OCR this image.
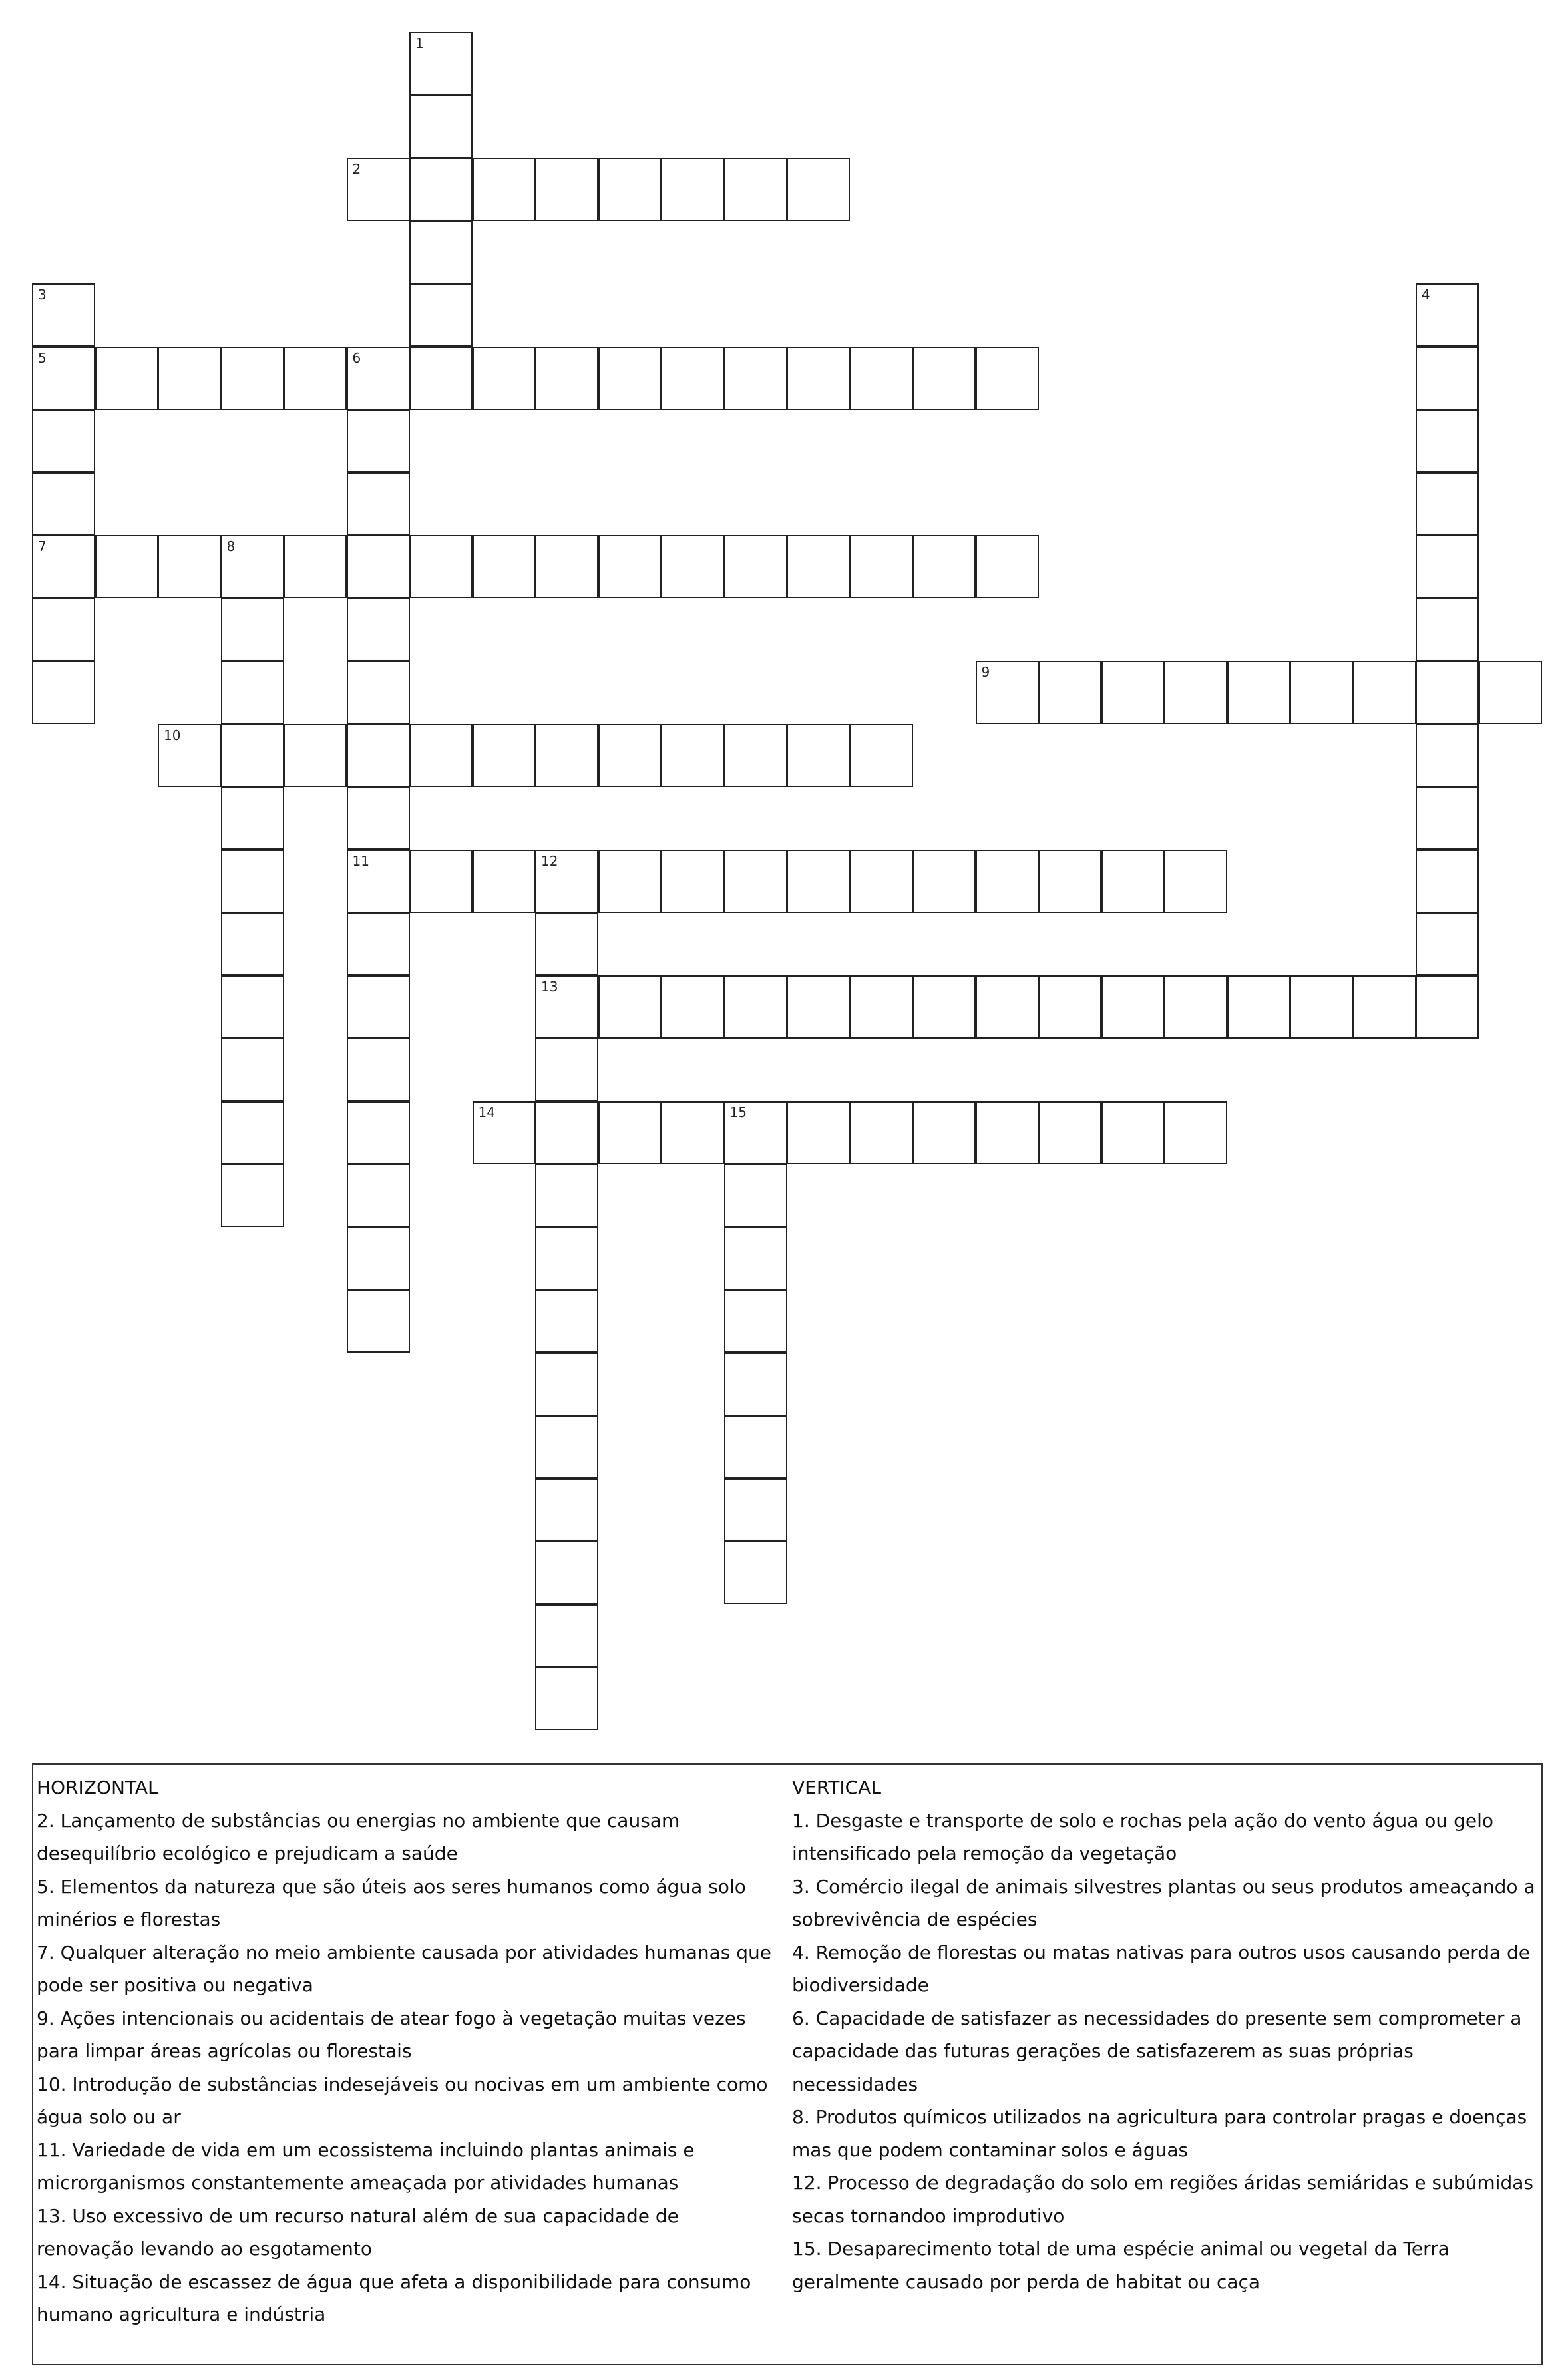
1
2
3	4
5	6
7	8
9
10
11	12
13
14	15

HORIZONTAL

2. Lançamento de substâncias ou energias no ambiente que causam desequilíbrio ecológico e prejudicam a saúde

5. Elementos da natureza que são úteis aos seres humanos como água solo minérios e florestas

7. Qualquer alteração no meio ambiente causada por atividades humanas que pode ser positiva ou negativa

9. Ações intencionais ou acidentais de atear fogo à vegetação muitas vezes para limpar áreas agrícolas ou florestais

10. Introdução de substâncias indesejáveis ou nocivas em um ambiente como água solo ou ar

11. Variedade de vida em um ecossistema incluindo plantas animais e microrganismos constantemente ameaçada por atividades humanas

13. Uso excessivo de um recurso natural além de sua capacidade de renovação levando ao esgotamento

14. Situação de escassez de água que afeta a disponibilidade para consumo humano agricultura e indústria

VERTICAL

1. Desgaste e transporte de solo e rochas pela ação do vento água ou gelo intensificado pela remoção da vegetação

3. Comércio ilegal de animais silvestres plantas ou seus produtos ameaçando a sobrevivência de espécies

4. Remoção de florestas ou matas nativas para outros usos causando perda de biodiversidade

6. Capacidade de satisfazer as necessidades do presente sem comprometer a capacidade das futuras gerações de satisfazerem as suas próprias necessidades

8. Produtos químicos utilizados na agricultura para controlar pragas e doenças mas que podem contaminar solos e águas

12. Processo de degradação do solo em regiões áridas semiáridas e subúmidas secas tornandoo improdutivo

15. Desaparecimento total de uma espécie animal ou vegetal da Terra geralmente causado por perda de habitat ou caça
